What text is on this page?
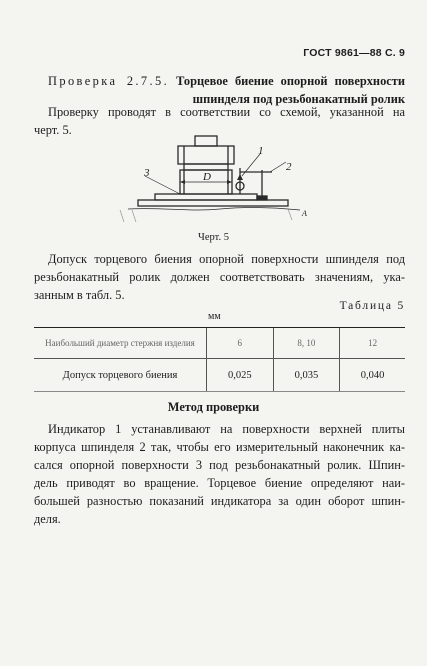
ГОСТ 9861—88 С. 9
Проверка 2.7.5. Торцевое биение опорной поверхности
шпинделя под резьбонакатный ролик
Проверку проводят в соответствии со схемой, указанной на
черт. 5.
1
2
3	D
A
Черт. 5
Допуск торцевого биения опорной поверхности шпинделя под
резьбонакатный ролик должен соответствовать значениям, ука-
занным в табл. 5.
Таблица 5
мм
Наибольший диаметр стержня изделия	6	8, 10	12
Допуск торцевого биения	0,025	0,035	0,040
Метод проверки
Индикатор 1 устанавливают на поверхности верхней плиты
корпуса шпинделя 2 так, чтобы его измерительный наконечник ка-
сался опорной поверхности 3 под резьбонакатный ролик. Шпин-
дель приводят во вращение. Торцевое биение определяют наи-
большей разностью показаний индикатора за один оборот шпин-
деля.
